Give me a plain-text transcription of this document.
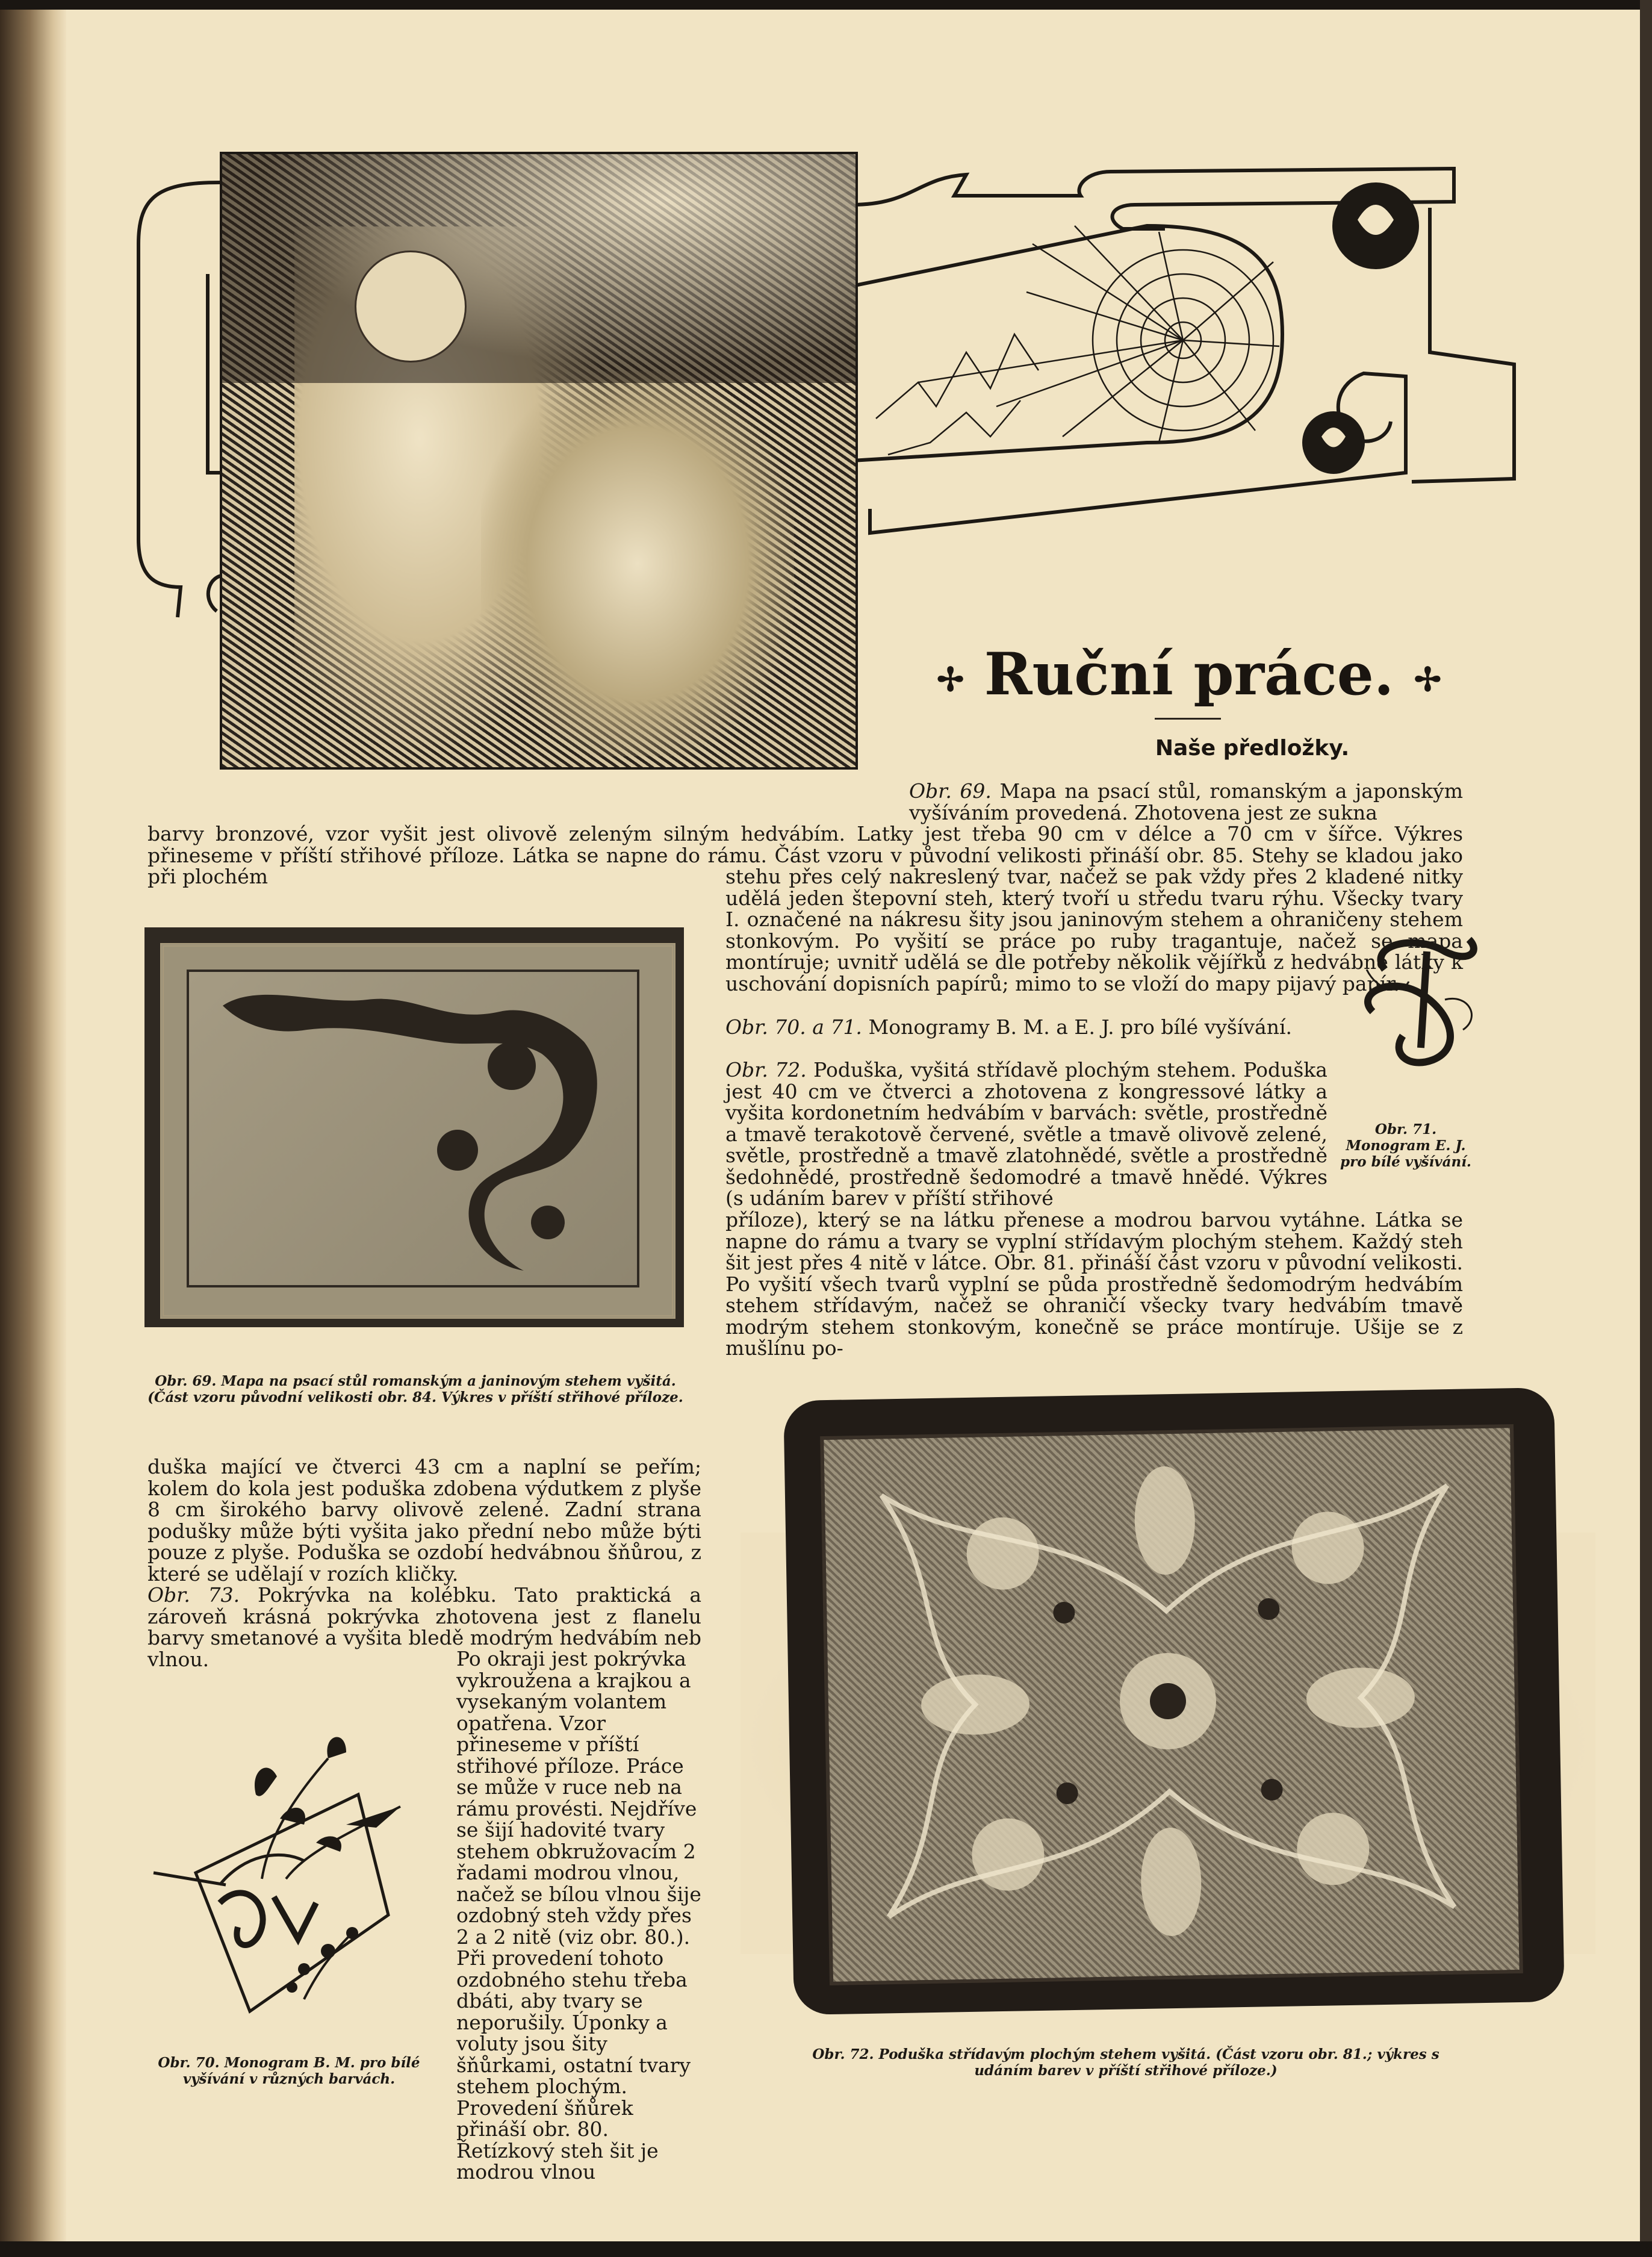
✢ Ruční práce. ✢
Naše předložky.

Obr. 69. Mapa na psací stůl, romanským a japonským vyšíváním provedená. Zhotovena jest ze sukna

barvy bronzové, vzor vyšit jest olivově zeleným silným hedvábím. Latky jest třeba 90 cm v délce a 70 cm v šířce. Výkres přineseme v příští střihové příloze. Látka se napne do rámu. Část vzoru v původní velikosti přináší obr. 85. Stehy se kladou jako při plochém

Obr. 69. Mapa na psací stůl romanským a janinovým stehem vyšitá. (Část vzoru původní velikosti obr. 84. Výkres v příští střihové příloze.

stehu přes celý nakreslený tvar, načež se pak vždy přes 2 kladené nitky udělá jeden štepovní steh, který tvoří u středu tvaru rýhu. Všecky tvary I. označené na nákresu šity jsou janinovým stehem a ohraničeny stehem stonkovým. Po vyšití se práce po ruby tragantuje, načež se mapa montíruje; uvnitř udělá se dle potřeby několik vějířků z hedvábné látky k uschování dopisních papírů; mimo to se vloží do mapy pijavý papír.

Obr. 71. Monogram E. J. pro bílé vyšívání.

Obr. 70. a 71. Monogramy B. M. a E. J. pro bílé vyšívání.

Obr. 72. Poduška, vyšitá střídavě plochým stehem. Poduška jest 40 cm ve čtverci a zhotovena z kongressové látky a vyšita kordonetním hedvábím v barvách: světle, prostředně a tmavě terakotově červené, světle a tmavě olivově zelené, světle, prostředně a tmavě zlatohnědé, světle a prostředně šedohnědé, prostředně šedomodré a tmavě hnědé. Výkres (s udáním barev v příští střihové

příloze), který se na látku přenese a modrou barvou vytáhne. Látka se napne do rámu a tvary se vyplní střídavým plochým stehem. Každý steh šit jest přes 4 nitě v látce. Obr. 81. přináší část vzoru v původní velikosti. Po vyšití všech tvarů vyplní se půda prostředně šedomodrým hedvábím stehem střídavým, načež se ohraničí všecky tvary hedvábím tmavě modrým stehem stonkovým, konečně se práce montíruje. Ušije se z mušlínu po-

duška mající ve čtverci 43 cm a naplní se peřím; kolem do kola jest poduška zdobena výdutkem z plyše 8 cm širokého barvy olivově zelené. Zadní strana podušky může býti vyšita jako přední nebo může býti pouze z plyše. Poduška se ozdobí hedvábnou šňůrou, z které se udělají v rozích kličky.

Obr. 73. Pokrývka na kolébku. Tato praktická a zároveň krásná pokrývka zhotovena jest z flanelu barvy smetanové a vyšita bledě modrým hedvábím neb vlnou.	Po okraji jest pokrývka vykroužena a krajkou a vysekaným volantem opatřena. Vzor přineseme v příští střihové příloze. Práce se může v ruce neb na rámu provésti. Nejdříve se šijí hadovité tvary stehem obkružovacím 2 řadami modrou vlnou, načež se bílou vlnou šije ozdobný steh vždy přes 2 a 2 nitě (viz obr. 80.). Při provedení tohoto ozdobného stehu třeba dbáti, aby tvary se neporušily. Úponky a voluty jsou šity šňůrkami, ostatní tvary stehem plochým. Provedení šňůrek přináší obr. 80. Řetízkový steh šit je modrou vlnou

Obr. 70. Monogram B. M. pro bílé vyšívání v různých barvách.

Obr. 72. Poduška střídavým plochým stehem vyšitá. (Část vzoru obr. 81.; výkres s udáním barev v příští střihové příloze.)
